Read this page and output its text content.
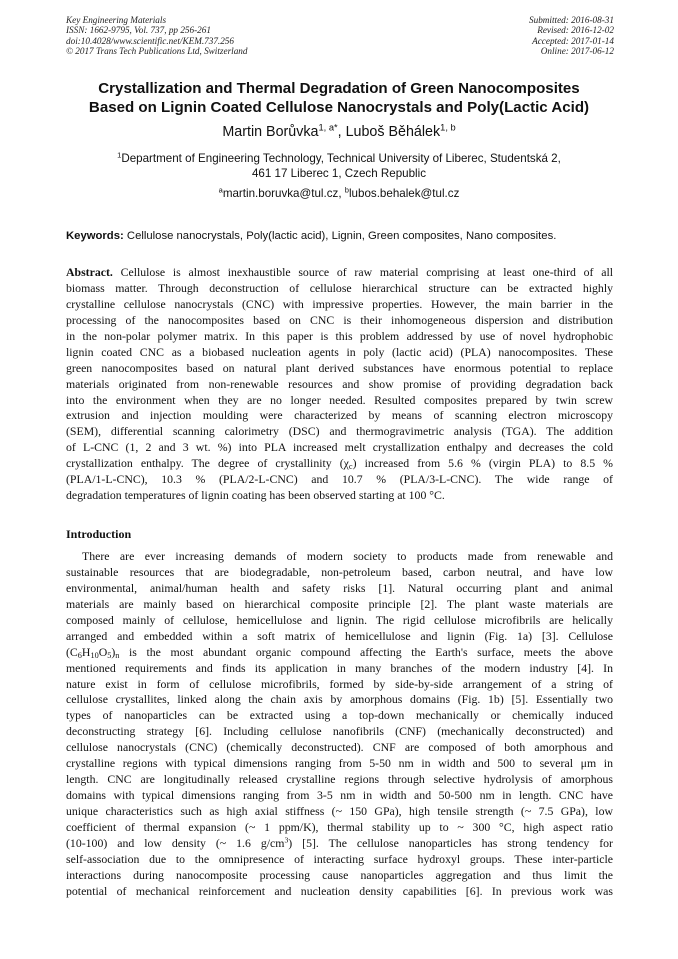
Key Engineering Materials
ISSN: 1662-9795, Vol. 737, pp 256-261
doi:10.4028/www.scientific.net/KEM.737.256
© 2017 Trans Tech Publications Ltd, Switzerland
Submitted: 2016-08-31
Revised: 2016-12-02
Accepted: 2017-01-14
Online: 2017-06-12
Crystallization and Thermal Degradation of Green Nanocomposites
Based on Lignin Coated Cellulose Nanocrystals and Poly(Lactic Acid)
Martin Borůvka$^{1, a*}$, Luboš Běhálek$^{1, b}$
$^1$Department of Engineering Technology, Technical University of Liberec, Studentská 2,
461 17 Liberec 1, Czech Republic
$^a$martin.boruvka@tul.cz, $^b$lubos.behalek@tul.cz
Keywords: Cellulose nanocrystals, Poly(lactic acid), Lignin, Green composites, Nano composites.
Abstract. Cellulose is almost inexhaustible source of raw material comprising at least one-third of all
biomass matter. Through deconstruction of cellulose hierarchical structure can be extracted highly
crystalline cellulose nanocrystals (CNC) with impressive properties. However, the main barrier in the
processing of the nanocomposites based on CNC is their inhomogeneous dispersion and distribution
in the non-polar polymer matrix. In this paper is this problem addressed by use of novel hydrophobic
lignin coated CNC as a biobased nucleation agents in poly (lactic acid) (PLA) nanocomposites. These
green nanocomposites based on natural plant derived substances have enormous potential to replace
materials originated from non-renewable resources and show promise of providing degradation back
into the environment when they are no longer needed. Resulted composites prepared by twin screw
extrusion and injection moulding were characterized by means of scanning electron microscopy
(SEM), differential scanning calorimetry (DSC) and thermogravimetric analysis (TGA). The addition
of L-CNC (1, 2 and 3 wt. %) into PLA increased melt crystallization enthalpy and decreases the cold
crystallization enthalpy. The degree of crystallinity $(\chi_c)$ increased from 5.6 % (virgin PLA) to 8.5 %
(PLA/1-L-CNC), 10.3 % (PLA/2-L-CNC) and 10.7 % (PLA/3-L-CNC). The wide range of
degradation temperatures of lignin coating has been observed starting at 100 °C.
Introduction
There are ever increasing demands of modern society to products made from renewable and
sustainable resources that are biodegradable, non-petroleum based, carbon neutral, and have low
environmental, animal/human health and safety risks [1]. Natural occurring plant and animal
materials are mainly based on hierarchical composite principle [2]. The plant waste materials are
composed mainly of cellulose, hemicellulose and lignin. The rigid cellulose microfibrils are helically
arranged and embedded within a soft matrix of hemicellulose and lignin (Fig. 1a) [3]. Cellulose
$(C_6H_{10}O_5)_n$ is the most abundant organic compound affecting the Earth's surface, meets the above
mentioned requirements and finds its application in many branches of the modern industry [4]. In
nature exist in form of cellulose microfibrils, formed by side-by-side arrangement of a string of
cellulose crystallites, linked along the chain axis by amorphous domains (Fig. 1b) [5]. Essentially two
types of nanoparticles can be extracted using a top-down mechanically or chemically induced
deconstructing strategy [6]. Including cellulose nanofibrils (CNF) (mechanically deconstructed) and
cellulose nanocrystals (CNC) (chemically deconstructed). CNF are composed of both amorphous and
crystalline regions with typical dimensions ranging from 5-50 nm in width and 500 to several μm in
length. CNC are longitudinally released crystalline regions through selective hydrolysis of amorphous
domains with typical dimensions ranging from 3-5 nm in width and 50-500 nm in length. CNC have
unique characteristics such as high axial stiffness (~ 150 GPa), high tensile strength (~ 7.5 GPa), low
coefficient of thermal expansion (~ 1 ppm/K), thermal stability up to ~ 300 °C, high aspect ratio
(10-100) and low density (~ 1.6 $g/cm^3$) [5]. The cellulose nanoparticles has strong tendency for
self-association due to the omnipresence of interacting surface hydroxyl groups. These inter-particle
interactions during nanocomposite processing cause nanoparticles aggregation and thus limit the
potential of mechanical reinforcement and nucleation density capabilities [6]. In previous work was
